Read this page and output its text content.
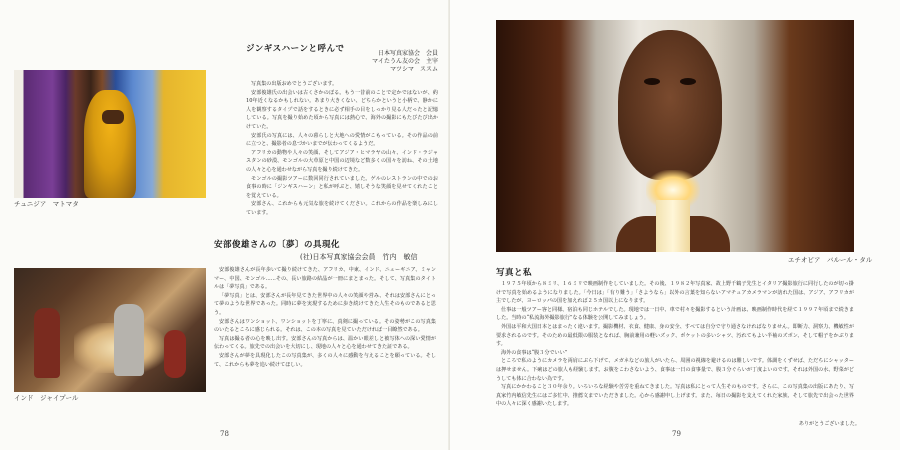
ジンギスハーンと呼んで	日本写真家協会　会員
マイたうん友の会　主宰
マツシマ　ススム
チュニジア　マトマタ

写真集の出版おめでとうございます。

安部俊雄氏の出会いは古くさかのぼる。もう一昔前のことで定かではないが、約10年近くなるかもしれない。あまり大きくない、どちらかというと小柄で、静かに人を観察するタイプで話をするときに必ず相手の目をしっかり見る人だったと記憶している。写真を撮り始めた頃から写真には熱心で、海外の撮影にもたびたび出かけていた。

安部氏の写真には、人々の暮らしと大地への愛情がこもっている。その作品の前に立つと、撮影者の息づかいまでが伝わってくるようだ。

アフリカの動物や人々の笑顔、そしてアジア・ヒマラヤの山々、インド・ラジャスタンの砂漠、モンゴルの大草原と中国の辺境など数多くの国々を訪ね、その土地の人々と心を通わせながら写真を撮り続けてきた。

モンゴルの撮影ツアーに数回同行されていました。ゲルのレストランの中でのお食事の時に「ジンギスハーン」と私が呼ぶと、嬉しそうな笑顔を見せてくれたことを覚えている。

安部さん、これからも元気な旅を続けてください。これからの作品を楽しみにしています。

安部俊雄さんの〔夢〕の具現化
(社)日本写真家協会会員　竹内　敏信
インド　ジャイプール

安部俊雄さんが長年歩いて撮り続けてきた、アフリカ、中東、インド、ニューギニア、ミャンマー、中国、モンゴル……その、長い旅路の結晶が一冊にまとまった。そして、写真集のタイトルは「夢写真」である。

「夢写真」とは、安部さんが長年見てきた世界中の人々の笑顔や営み、それは安部さんにとって夢のような世界であった。同時に夢を実現するために歩き続けてきた人生そのものであると思う。

安部さんはワンショット、ワンショットを丁寧に、真剣に撮っている。その姿勢がこの写真集のいたるところに感じられる。それは、この本の写真を見ていただければ一目瞭然である。

写真は撮る者の心を映し出す。安部さんの写真からは、温かい眼差しと被写体への深い愛情が伝わってくる。旅先での出会いを大切にし、現地の人々と心を通わせてきた証である。

安部さんが夢を具現化したこの写真集が、多くの人々に感動を与えることを願っている。そして、これからも夢を追い続けてほしい。

78
エチオピア　バルール・タル
写真と私

１９７５年頃から８ミリ、１６ミリで映画制作をしていました。その後、１９８２年写真家、故上野千鶴子先生とイタリア撮影旅行に同行したのが切っ掛けで写真を始めるようになりました。「今日は」「有り難う」「さようなら」以外の言葉を知らないアマチュアカメラマンが訪れた国は、アジア、アフリカが主でしたが、ヨーロッパの国を加えれば２５カ国以上になります。

仕事は一般ツアー客と同様、宿泊も同じホテルでした。現地では一日中、車で村々を撮影するという計画は、映画制作時代を経て１９９７年頃まで続きました。当時の“私流海外撮影旅行”なる体験を公開してみましょう。

外国は平和大国日本とはまったく違います。撮影機材、衣食、健康、身の安全、すべては自分で守り通さなければなりません。即断力、洞察力、機敏性が要求されるのです。そのための最低限の服装となれば、胸前兼用の軽いズック、ポケットの多いシャツ、汚れてもよい半袖のズボン、そして帽子をかぶります。

海外の食事は“腹３分でいい”

ところで私のようにカメラを両肩にぶら下げて、メガネなどの旅人がいたら、周囲の視線を避けるのは難しいです。体調をくずせば、ただちにシャッターは押せません。下痢はどの旅人も経験します。お腹をこわさないよう、食事は一日の食事量で、腹３分ぐらいが丁度よいのです。それは外国の水、野菜がどうしても体に合わない為です。

写真にかかわること３０年余り。いろいろな経験や苦労を重ねてきました。写真は私にとって人生そのものです。さらに、この写真集の出版にあたり、写真家竹内敏信先生にはご多忙中、推薦文までいただきました。心から感謝申し上げます。また、毎日の撮影を支えてくれた家族、そして旅先で出会った世界中の人々に深く感謝いたします。

ありがとうございました。
79
